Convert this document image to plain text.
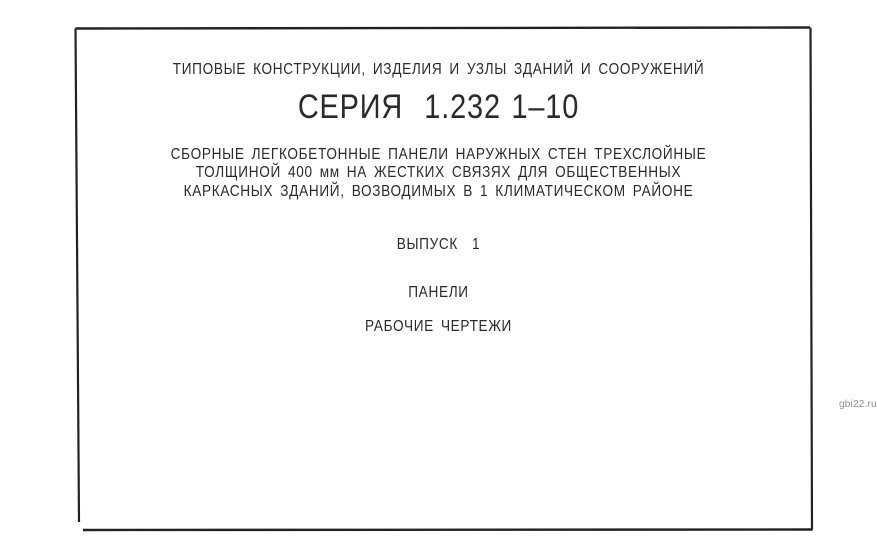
ТИПОВЫЕ КОНСТРУКЦИИ, ИЗДЕЛИЯ И УЗЛЫ ЗДАНИЙ И СООРУЖЕНИЙ
СЕРИЯ  1.232 1–10
СБОРНЫЕ ЛЕГКОБЕТОННЫЕ ПАНЕЛИ НАРУЖНЫХ СТЕН ТРЕХСЛОЙНЫЕ
ТОЛЩИНОЙ 400 мм НА ЖЕСТКИХ СВЯЗЯХ ДЛЯ ОБЩЕСТВЕННЫХ
КАРКАСНЫХ ЗДАНИЙ, ВОЗВОДИМЫХ В 1 КЛИМАТИЧЕСКОМ РАЙОНЕ
ВЫПУСК  1
ПАНЕЛИ
РАБОЧИЕ ЧЕРТЕЖИ
gbi22.ru
